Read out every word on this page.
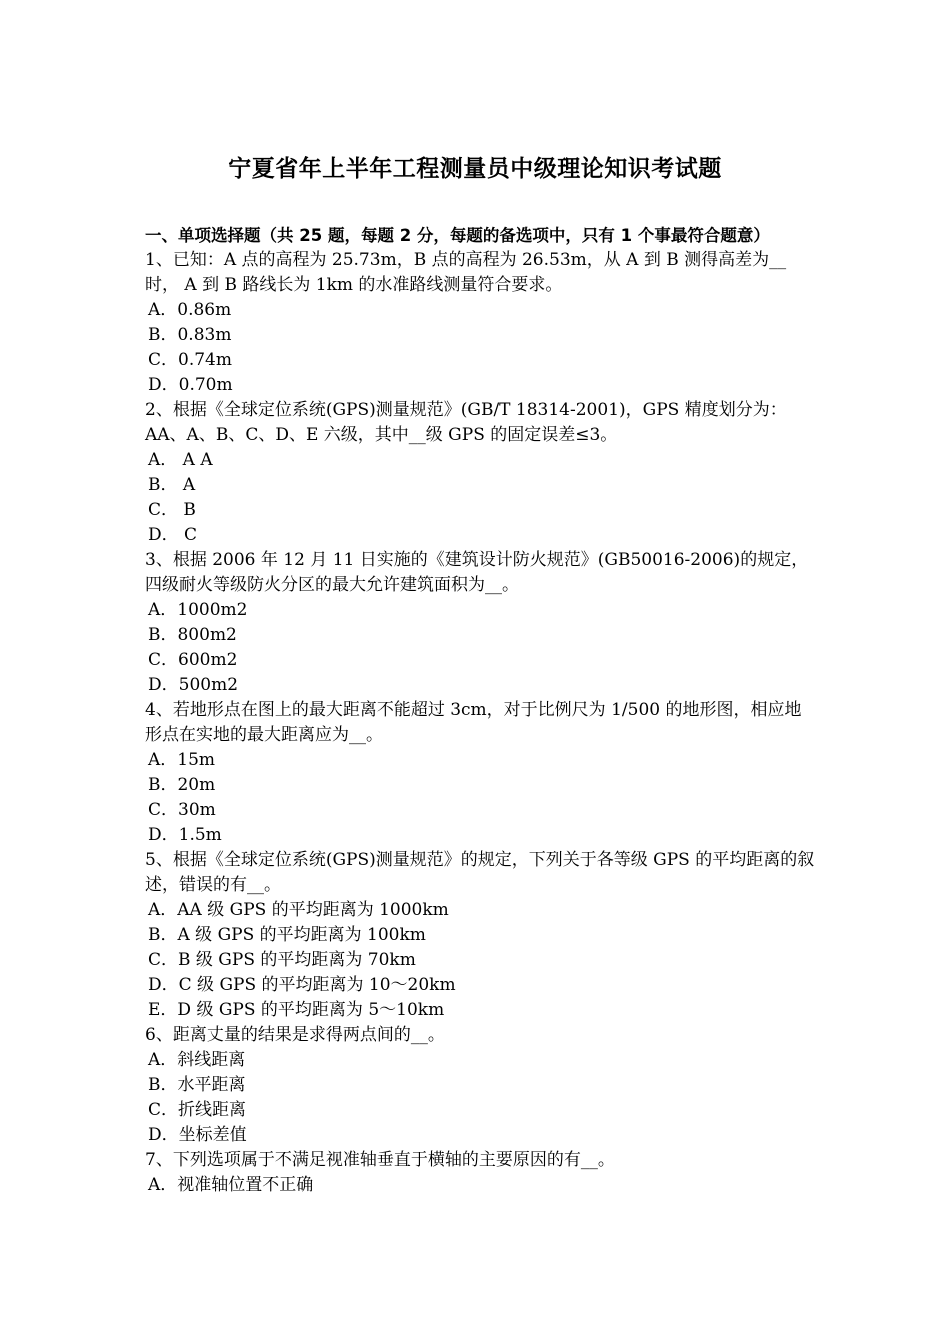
宁夏省年上半年工程测量员中级理论知识考试题
一、单项选择题（共 25 题，每题 2 分，每题的备选项中，只有 1 个事最符合题意）

1、已知：A 点的高程为 25.73m，B 点的高程为 26.53m，从 A 到 B 测得高差为__时， A 到 B 路线长为 1km 的水准路线测量符合要求。

A．0.86m

B．0.83m

C．0.74m

D．0.70m

2、根据《全球定位系统(GPS)测量规范》(GB/T 18314-2001)，GPS 精度划分为：AA、A、B、C、D、E 六级，其中__级 GPS 的固定误差≤3。

A． A A

B． A

C． B

D． C

3、根据 2006 年 12 月 11 日实施的《建筑设计防火规范》(GB50016-2006)的规定，四级耐火等级防火分区的最大允许建筑面积为__。

A．1000m2

B．800m2

C．600m2

D．500m2

4、若地形点在图上的最大距离不能超过 3cm，对于比例尺为 1/500 的地形图，相应地形点在实地的最大距离应为__。

A．15m

B．20m

C．30m

D．1.5m

5、根据《全球定位系统(GPS)测量规范》的规定，下列关于各等级 GPS 的平均距离的叙述，错误的有__。

A．AA 级 GPS 的平均距离为 1000km

B．A 级 GPS 的平均距离为 100km

C．B 级 GPS 的平均距离为 70km

D．C 级 GPS 的平均距离为 10～20km

E．D 级 GPS 的平均距离为 5～10km

6、距离丈量的结果是求得两点间的__。

A．斜线距离

B．水平距离

C．折线距离

D．坐标差值

7、下列选项属于不满足视准轴垂直于横轴的主要原因的有__。

A．视准轴位置不正确
